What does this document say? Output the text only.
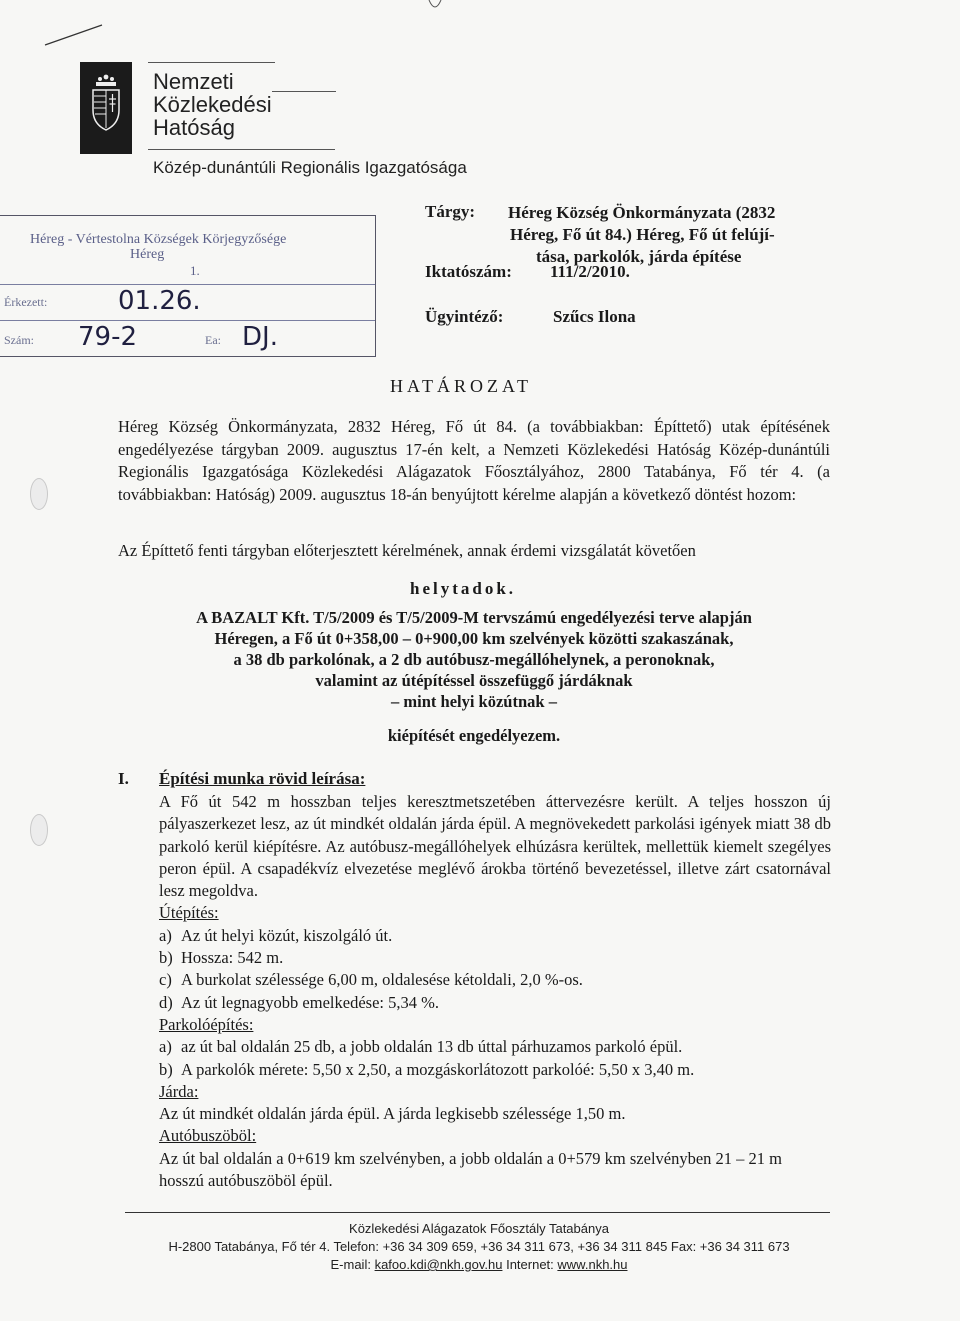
Nemzeti
Közlekedési
Hatóság
Közép-dunántúli Regionális Igazgatósága
Héreg - Vértestolna Községek Körjegyzősége
Héreg
1.
Érkezett:	01.26.
Szám: 79-2	Ea: DJ.
Tárgy: Héreg Község Önkormányzata (2832
Héreg, Fő út 84.) Héreg, Fő út felújí-
tása, parkolók, járda építése
Iktatószám: 111/2/2010.
Ügyintéző:	Szűcs Ilona
HATÁROZAT
Héreg Község Önkormányzata, 2832 Héreg, Fő út 84. (a továbbiakban: Építtető) utak építésének engedélyezése tárgyban 2009. augusztus 17-én kelt, a Nemzeti Közlekedési Hatóság Közép-dunántúli Regionális Igazgatósága Közlekedési Alágazatok Főosztályához, 2800 Tatabánya, Fő tér 4. (a továbbiakban: Hatóság) 2009. augusztus 18-án benyújtott kérelme alapján a következő döntést hozom:
Az Építtető fenti tárgyban előterjesztett kérelmének, annak érdemi vizsgálatát követően
helytadok.
A BAZALT Kft. T/5/2009 és T/5/2009-M tervszámú engedélyezési terve alapján
Héregen, a Fő út 0+358,00 – 0+900,00 km szelvények közötti szakaszának,
a 38 db parkolónak, a 2 db autóbusz-megállóhelynek, a peronoknak,
valamint az útépítéssel összefüggő járdáknak
– mint helyi közútnak –
kiépítését engedélyezem.
I. Építési munka rövid leírása:

A Fő út 542 m hosszban teljes keresztmetszetében áttervezésre került. A teljes hosszon új pályaszerkezet lesz, az út mindkét oldalán járda épül. A megnövekedett parkolási igények miatt 38 db parkoló kerül kiépítésre. Az autóbusz-megállóhelyek elhúzásra kerültek, mellettük kiemelt szegélyes peron épül. A csapadékvíz elvezetése meglévő árokba történő bevezetéssel, illetve zárt csatornával lesz megoldva.

Útépítés:

a) Az út helyi közút, kiszolgáló út.
b) Hossza: 542 m.
c) A burkolat szélessége 6,00 m, oldalesése kétoldali, 2,0 %-os.
d) Az út legnagyobb emelkedése: 5,34 %.

Parkolóépítés:

a) az út bal oldalán 25 db, a jobb oldalán 13 db úttal párhuzamos parkoló épül.
b) A parkolók mérete: 5,50 x 2,50, a mozgáskorlátozott parkolóé: 5,50 x 3,40 m.

Járda:

Az út mindkét oldalán járda épül. A járda legkisebb szélessége 1,50 m.

Autóbuszöböl:

Az út bal oldalán a 0+619 km szelvényben, a jobb oldalán a 0+579 km szelvényben 21 – 21 m hosszú autóbuszöböl épül.

Közlekedési Alágazatok Főosztály Tatabánya
H-2800 Tatabánya, Fő tér 4. Telefon: +36 34 309 659, +36 34 311 673, +36 34 311 845 Fax: +36 34 311 673
E-mail: kafoo.kdi@nkh.gov.hu Internet: www.nkh.hu
